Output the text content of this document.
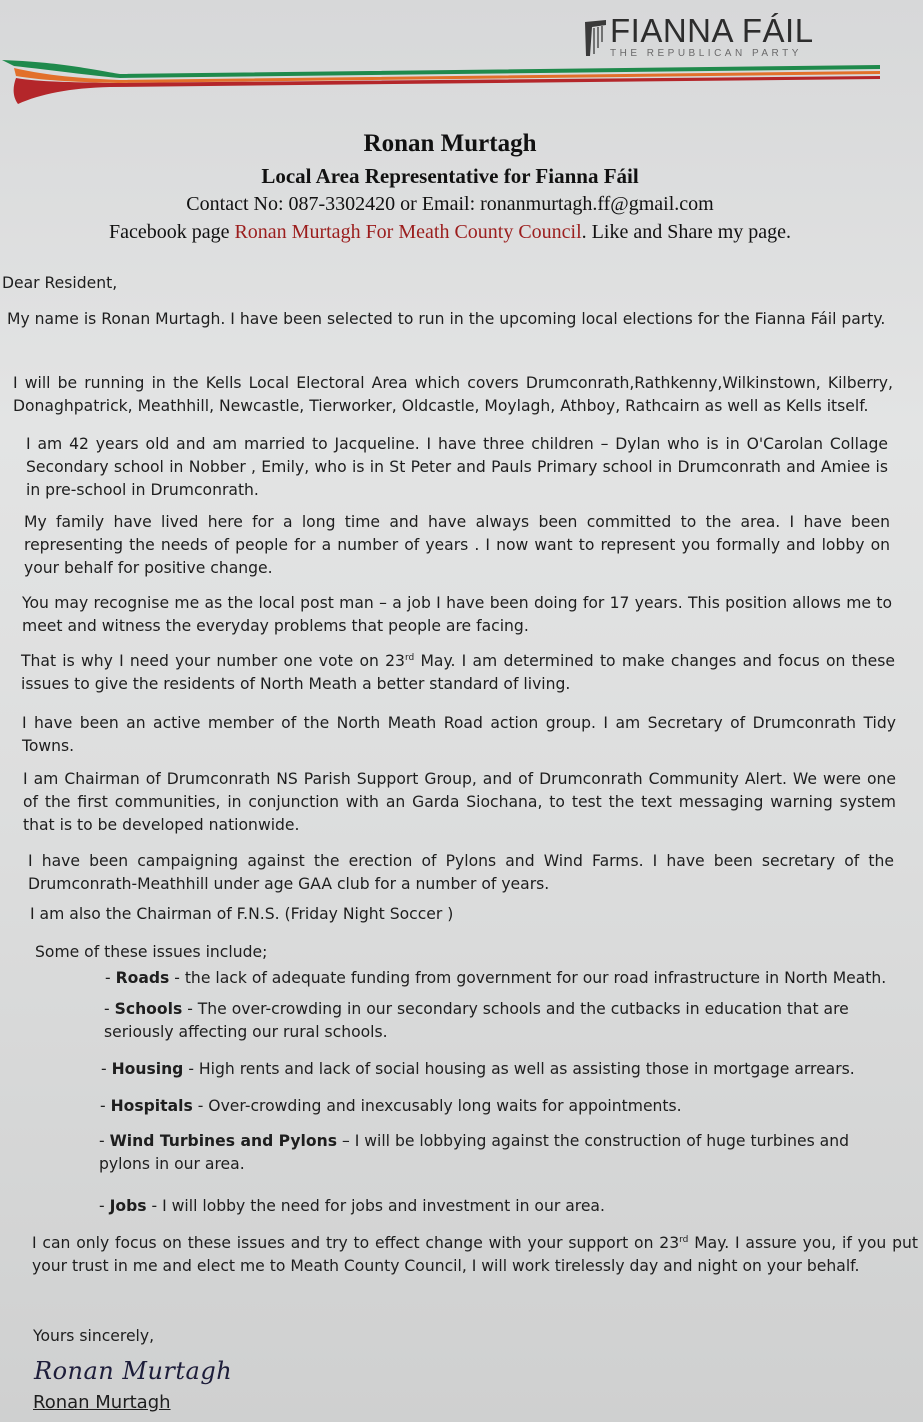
FIANNA FÁIL
THE REPUBLICAN PARTY
Ronan Murtagh
Local Area Representative for Fianna Fáil
Contact No: 087-3302420 or Email: ronanmurtagh.ff@gmail.com
Facebook page Ronan Murtagh For Meath County Council. Like and Share my page.

Dear Resident,

My name is Ronan Murtagh. I have been selected to run in the upcoming local elections for the Fianna Fáil party.

I will be running in the Kells Local Electoral Area which covers Drumconrath,Rathkenny,Wilkinstown, Kilberry, Donaghpatrick, Meathhill, Newcastle, Tierworker, Oldcastle, Moylagh, Athboy, Rathcairn as well as Kells itself.

I am 42 years old and am married to Jacqueline. I have three children – Dylan who is in O'Carolan Collage Secondary school in Nobber , Emily, who is in St Peter and Pauls Primary school in Drumconrath and Amiee is in pre-school in Drumconrath.

My family have lived here for a long time and have always been committed to the area. I have been representing the needs of people for a number of years . I now want to represent you formally and lobby on your behalf for positive change.

You may recognise me as the local post man – a job I have been doing for 17 years. This position allows me to meet and witness the everyday problems that people are facing.

That is why I need your number one vote on 23rd May. I am determined to make changes and focus on these issues to give the residents of North Meath a better standard of living.

I have been an active member of the North Meath Road action group. I am Secretary of Drumconrath Tidy Towns.

I am Chairman of Drumconrath NS Parish Support Group, and of Drumconrath Community Alert. We were one of the first communities, in conjunction with an Garda Siochana, to test the text messaging warning system that is to be developed nationwide.

I have been campaigning against the erection of Pylons and Wind Farms. I have been secretary of the Drumconrath-Meathhill under age GAA club for a number of years.

I am also the Chairman of F.N.S. (Friday Night Soccer )

Some of these issues include;

- Roads - the lack of adequate funding from government for our road infrastructure in North Meath.

- Schools - The over-crowding in our secondary schools and the cutbacks in education that are seriously affecting our rural schools.

- Housing - High rents and lack of social housing as well as assisting those in mortgage arrears.

- Hospitals - Over-crowding and inexcusably long waits for appointments.

- Wind Turbines and Pylons – I will be lobbying against the construction of huge turbines and pylons in our area.

- Jobs - I will lobby the need for jobs and investment in our area.

I can only focus on these issues and try to effect change with your support on 23rd May. I assure you, if you put your trust in me and elect me to Meath County Council, I will work tirelessly day and night on your behalf.

Yours sincerely,
Ronan Murtagh
Ronan Murtagh
